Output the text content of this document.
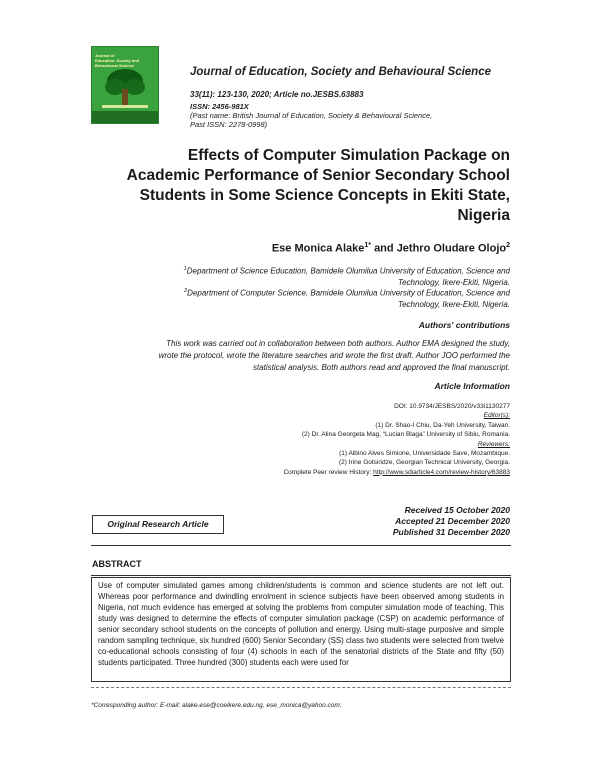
Journal of
Education, Society and
Behavioural Science
Journal of Education, Society and Behavioural Science
33(11): 123-130, 2020; Article no.JESBS.63883
ISSN: 2456-981X
(Past name: British Journal of Education, Society & Behavioural Science,
Past ISSN: 2278-0998)
Effects of Computer Simulation Package on
Academic Performance of Senior Secondary School
Students in Some Science Concepts in Ekiti State,
Nigeria
Ese Monica Alake$^{1*}$ and Jethro Oludare Olojo$^2$
$^1$Department of Science Education, Bamidele Olumilua University of Education, Science and
Technology, Ikere-Ekiti, Nigeria.
$^2$Department of Computer Science, Bamidele Olumilua University of Education, Science and
Technology, Ikere-Ekiti, Nigeria.
Authors' contributions
This work was carried out in collaboration between both authors. Author EMA designed the study,
wrote the protocol, wrote the literature searches and wrote the first draft. Author JOO performed the
statistical analysis. Both authors read and approved the final manuscript.
Article Information
DOI: 10.9734/JESBS/2020/v33i1130277
Editor(s):
(1) Dr. Shao-I Chiu, Da-Yeh University, Taiwan.
(2) Dr. Alina Georgeta Mag, “Lucian Blaga” University of Sibiu, Romania.
Reviewers:
(1) Albino Alves Simione, Universidade Save, Mozambique.
(2) Irine Gotsiridze, Georgian Technical University, Georgia.
Complete Peer review History: http://www.sdiarticle4.com/review-history/63883
Original Research Article
Received 15 October 2020
Accepted 21 December 2020
Published 31 December 2020
ABSTRACT

Use of computer simulated games among children/students is common and science students are not left out. Whereas poor performance and dwindling enrolment in science subjects have been observed among students in Nigeria, not much evidence has emerged at solving the problems from computer simulation mode of teaching. This study was designed to determine the effects of computer simulation package (CSP) on academic performance of senior secondary school students on the concepts of pollution and energy. Using multi-stage purposive and simple random sampling technique, six hundred (600) Senior Secondary (SS) class two students were selected from twelve co-educational schools consisting of four (4) schools in each of the senatorial districts of the State and fifty (50) students participated. Three hundred (300) students each were used for

*Corresponding author: E-mail: alake.ese@coeikere.edu.ng, ese_monica@yahoo.com;
